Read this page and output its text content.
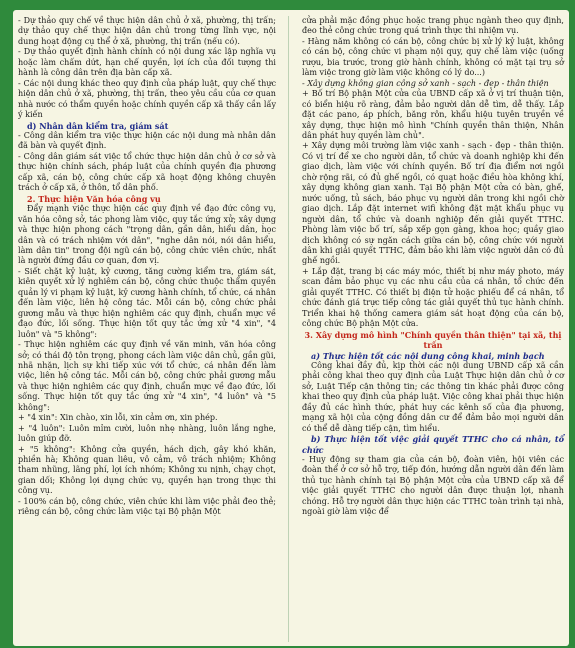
- Dự thảo quy chế về thực hiện dân chủ ở xã, phường, thị trấn; dự thảo quy chế thực hiện dân chủ trong từng lĩnh vực, nội dung hoạt động cụ thể ở xã, phường, thị trấn (nếu có).

- Dự thảo quyết định hành chính có nội dung xác lập nghĩa vụ hoặc làm chấm dứt, hạn chế quyền, lợi ích của đối tượng thi hành là công dân trên địa bàn cấp xã.

- Các nội dung khác theo quy định của pháp luật, quy chế thực hiện dân chủ ở xã, phường, thị trấn, theo yêu cầu của cơ quan nhà nước có thẩm quyền hoặc chính quyền cấp xã thấy cần lấy ý kiến

d) Nhân dân kiểm tra, giám sát

- Công dân kiểm tra việc thực hiện các nội dung mà nhân dân đã bàn và quyết định.

- Công dân giám sát việc tổ chức thực hiện dân chủ ở cơ sở và thực hiện chính sách, pháp luật của chính quyền địa phương cấp xã, cán bộ, công chức cấp xã hoạt động không chuyên trách ở cấp xã, ở thôn, tổ dân phố.

2. Thực hiện Văn hóa công vụ

Đẩy mạnh việc thực hiện các quy định về đạo đức công vụ, văn hóa công sở, tác phong làm việc, quy tắc ứng xử; xây dựng và thực hiện phong cách "trọng dân, gần dân, hiểu dân, học dân và có trách nhiệm với dân", "nghe dân nói, nói dân hiểu, làm dân tin" trong đội ngũ cán bộ, công chức viên chức, nhất là người đứng đầu cơ quan, đơn vị.

- Siết chặt kỷ luật, kỷ cương, tăng cường kiểm tra, giám sát, kiên quyết xử lý nghiêm cán bộ, công chức thuộc thẩm quyền quản lý vi phạm kỷ luật, kỷ cương hành chính, tổ chức, cá nhân đến làm việc, liên hệ công tác. Mỗi cán bộ, công chức phải gương mẫu và thực hiện nghiêm các quy định, chuẩn mực về đạo đức, lối sống. Thực hiện tốt quy tắc ứng xử "4 xin", "4 luôn" và "5 không":

- Thực hiện nghiêm các quy định về văn minh, văn hóa công sở; có thái độ tôn trọng, phong cách làm việc dân chủ, gần gũi, nhã nhặn, lịch sự khi tiếp xúc với tổ chức, cá nhân đến làm việc, liên hệ công tác. Mỗi cán bộ, công chức phải gương mẫu và thực hiện nghiêm các quy định, chuẩn mực về đạo đức, lối sống. Thực hiện tốt quy tắc ứng xử "4 xin", "4 luôn" và "5 không":

+ "4 xin": Xin chào, xin lỗi, xin cảm ơn, xin phép.

+ "4 luôn": Luôn mỉm cười, luôn nhẹ nhàng, luôn lắng nghe, luôn giúp đỡ.

+ "5 không": Không cửa quyền, hách dịch, gây khó khăn, phiền hà; Không quan liêu, vô cảm, vô trách nhiệm; Không tham nhũng, lãng phí, lợi ích nhóm; Không xu nịnh, chạy chọt, gian dối; Không lợi dụng chức vụ, quyền hạn trong thực thi công vụ.

- 100% cán bộ, công chức, viên chức khi làm việc phải đeo thẻ; riêng cán bộ, công chức làm việc tại Bộ phận Một

cửa phải mặc đồng phục hoặc trang phục ngành theo quy định, đeo thẻ công chức trong quá trình thực thi nhiệm vụ.

- Hàng năm không có cán bộ, công chức bị xử lý kỷ luật, không có cán bộ, công chức vi phạm nội quy, quy chế làm việc (uống rượu, bia trước, trong giờ hành chính, không có mặt tại trụ sở làm việc trong giờ làm việc không có lý do...)

- Xây dựng không gian công sở xanh - sạch - đẹp - thân thiện

+ Bố trí Bộ phận Một cửa của UBND cấp xã ở vị trí thuận tiện, có biển hiệu rõ ràng, đảm bảo người dân dễ tìm, dễ thấy. Lắp đặt các pano, áp phích, băng rôn, khẩu hiệu tuyên truyền về xây dựng, thực hiện mô hình "Chính quyền thân thiện, Nhân dân phát huy quyền làm chủ".

+ Xây dựng môi trường làm việc xanh - sạch - đẹp - thân thiện. Có vị trí để xe cho người dân, tổ chức và doanh nghiệp khi đến giao dịch, làm việc với chính quyền. Bố trí địa điểm nơi ngồi chờ rộng rãi, có đủ ghế ngồi, có quạt hoặc điều hòa không khí, xây dựng không gian xanh. Tại Bộ phận Một cửa có bàn, ghế, nước uống, tủ sách, báo phục vụ người dân trong khi ngồi chờ giao dịch. Lắp đặt internet wifi không đặt mật khẩu phục vụ người dân, tổ chức và doanh nghiệp đến giải quyết TTHC. Phòng làm việc bố trí, sắp xếp gọn gàng, khoa học; quầy giao dịch không có sự ngăn cách giữa cán bộ, công chức với người dân khi giải quyết TTHC, đảm bảo khi làm việc người dân có đủ ghế ngồi.

+ Lắp đặt, trang bị các máy móc, thiết bị như máy photo, máy scan đảm bảo phục vụ các nhu cầu của cá nhân, tổ chức đến giải quyết TTHC. Có thiết bị điện tử hoặc phiếu để cá nhân, tổ chức đánh giá trực tiếp công tác giải quyết thủ tục hành chính. Triển khai hệ thống camera giám sát hoạt động của cán bộ, công chức Bộ phận Một cửa.

3. Xây dựng mô hình "Chính quyền thân thiện" tại xã, thị trấn

a) Thực hiện tốt các nội dung công khai, minh bạch

Công khai đầy đủ, kịp thời các nội dung UBND cấp xã cần phải công khai theo quy định của Luật Thực hiện dân chủ ở cơ sở, Luật Tiếp cận thông tin; các thông tin khác phải được công khai theo quy định của pháp luật. Việc công khai phải thực hiện đầy đủ các hình thức, phát huy các kênh số của địa phương, mạng xã hội của cộng đồng dân cư để đảm bảo mọi người dân có thể dễ dàng tiếp cận, tìm hiểu.

b) Thực hiện tốt việc giải quyết TTHC cho cá nhân, tổ chức

- Huy động sự tham gia của cán bộ, đoàn viên, hội viên các đoàn thể ở cơ sở hỗ trợ, tiếp đón, hướng dẫn người dân đến làm thủ tục hành chính tại Bộ phận Một cửa của UBND cấp xã để việc giải quyết TTHC cho người dân được thuận lợi, nhanh chóng. Hỗ trợ người dân thực hiện các TTHC toàn trình tại nhà, ngoài giờ làm việc để
